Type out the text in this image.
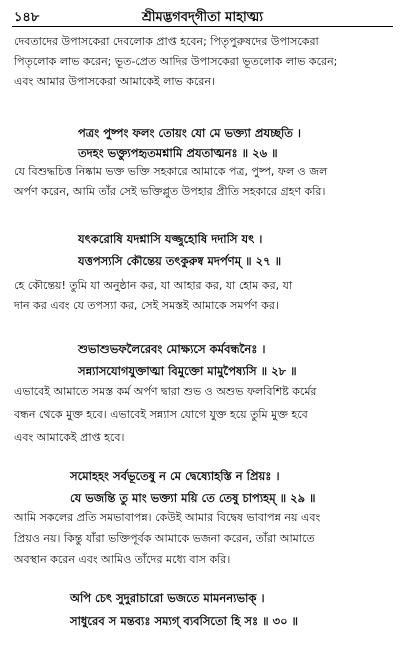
১৪৮	শ্রীমদ্ভগবদ্‌গীতা মাহাত্ম্য
দেবতাদের উপাসকেরা দেবলোক প্রাপ্ত হবেন; পিতৃপুরুষদের উপাসকেরা
পিতৃলোক লাভ করেন; ভূত-প্রেত আদির উপাসকেরা ভূতলোক লাভ করেন;
এবং আমার উপাসকেরা আমাকেই লাভ করেন।
পত্রং পুষ্পং ফলং তোয়ং যো মে ভক্ত্যা প্রযচ্ছতি ।
তদহং ভক্ত্যুপহৃতমশ্নামি প্রযতাত্মনঃ ॥ ২৬ ॥
যে বিশুদ্ধচিত্ত নিষ্কাম ভক্ত ভক্তি সহকারে আমাকে পত্র, পুষ্প, ফল ও জল
অর্পণ করেন, আমি তাঁর সেই ভক্তিপ্লুত উপহার প্রীতি সহকারে গ্রহণ করি।
যৎকরোষি যদশ্নাসি যজ্জুহোষি দদাসি যৎ ।
যত্তপস্যসি কৌন্তেয় তৎকুরুষ্ব মদর্পণম্ ॥ ২৭ ॥
হে কৌন্তেয়! তুমি যা অনুষ্ঠান কর, যা আহার কর, যা হোম কর, যা
দান কর এবং যে তপস্যা কর, সেই সমস্তই আমাকে সমর্পণ কর।
শুভাশুভফলৈরেবং মোক্ষ্যসে কর্মবন্ধনৈঃ ।
সন্ন্যাসযোগযুক্তাত্মা বিমুক্তো মামুপৈষ্যসি ॥ ২৮ ॥
এভাবেই আমাতে সমস্ত কর্ম অর্পণ দ্বারা শুভ ও অশুভ ফলবিশিষ্ট কর্মের
বন্ধন থেকে মুক্ত হবে। এভাবেই সন্ন্যাস যোগে যুক্ত হয়ে তুমি মুক্ত হবে
এবং আমাকেই প্রাপ্ত হবে।
সমোহহং সর্বভূতেষু ন মে দ্বেষ্যোহস্তি ন প্রিয়ঃ ।
যে ভজন্তি তু মাং ভক্ত্যা ময়ি তে তেষু চাপ্যহম্ ॥ ২৯ ॥
আমি সকলের প্রতি সমভাবাপন্ন। কেউই আমার বিদ্বেষ ভাবাপন্ন নয় এবং
প্রিয়ও নয়। কিন্তু যাঁরা ভক্তিপূর্বক আমাকে ভজনা করেন, তাঁরা আমাতে
অবস্থান করেন এবং আমিও তাঁদের মধ্যে বাস করি।
অপি চেৎ সুদুরাচারো ভজতে মামনন্যভাক্ ।
সাধুরেব স মন্তব্যঃ সম্যগ্ ব্যবসিতো হি সঃ ॥ ৩০ ॥
